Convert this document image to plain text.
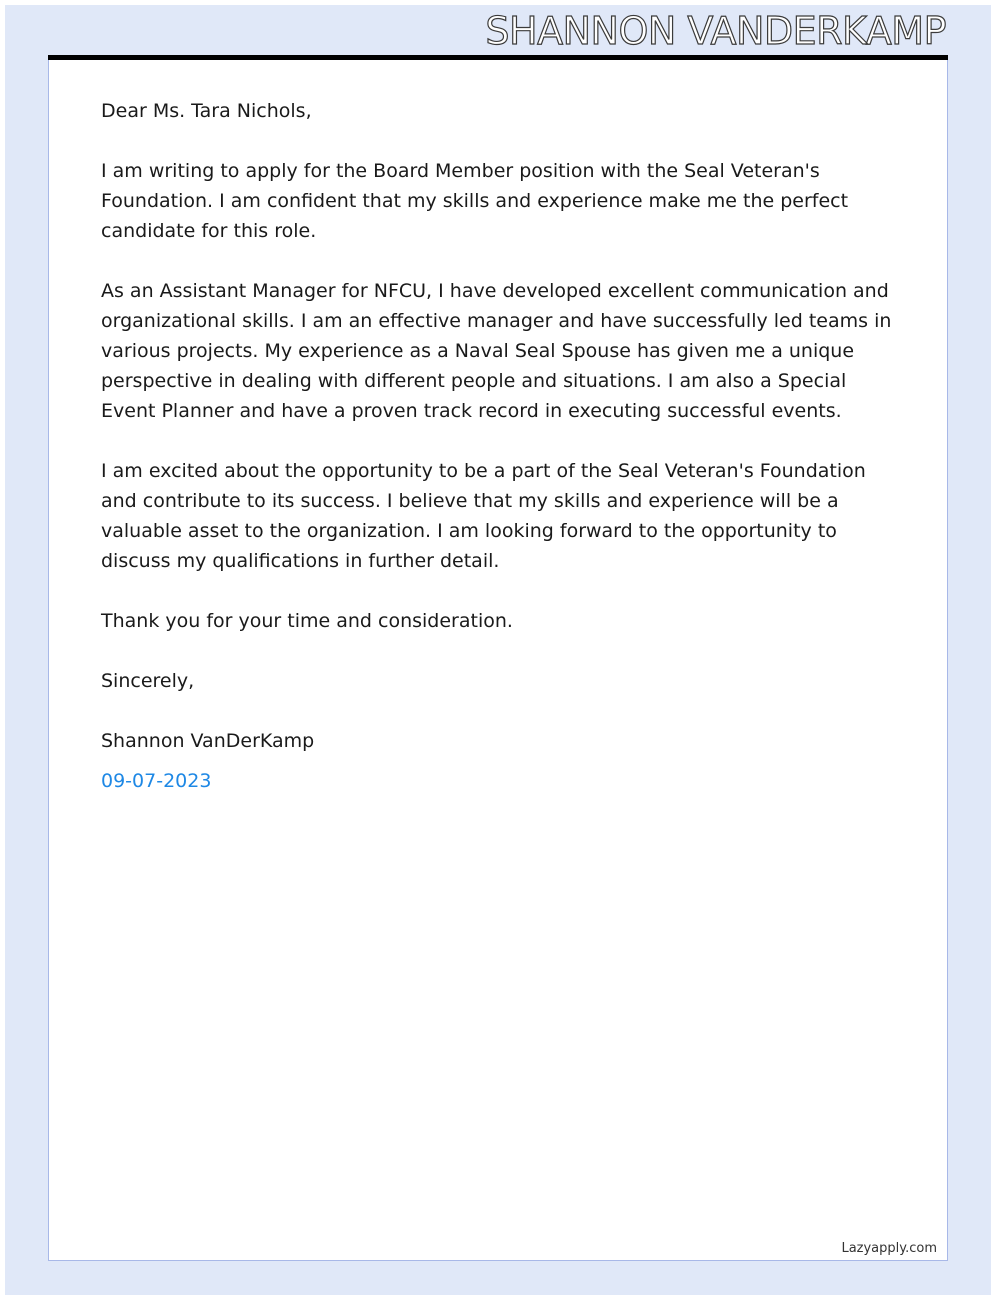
SHANNON VANDERKAMP

Dear Ms. Tara Nichols,

I am writing to apply for the Board Member position with the Seal Veteran's Foundation. I am confident that my skills and experience make me the perfect candidate for this role.

As an Assistant Manager for NFCU, I have developed excellent communication and organizational skills. I am an effective manager and have successfully led teams in various projects. My experience as a Naval Seal Spouse has given me a unique perspective in dealing with different people and situations. I am also a Special Event Planner and have a proven track record in executing successful events.

I am excited about the opportunity to be a part of the Seal Veteran's Foundation and contribute to its success. I believe that my skills and experience will be a valuable asset to the organization. I am looking forward to the opportunity to discuss my qualifications in further detail.

Thank you for your time and consideration.

Sincerely,

Shannon VanDerKamp

09-07-2023

Lazyapply.com
